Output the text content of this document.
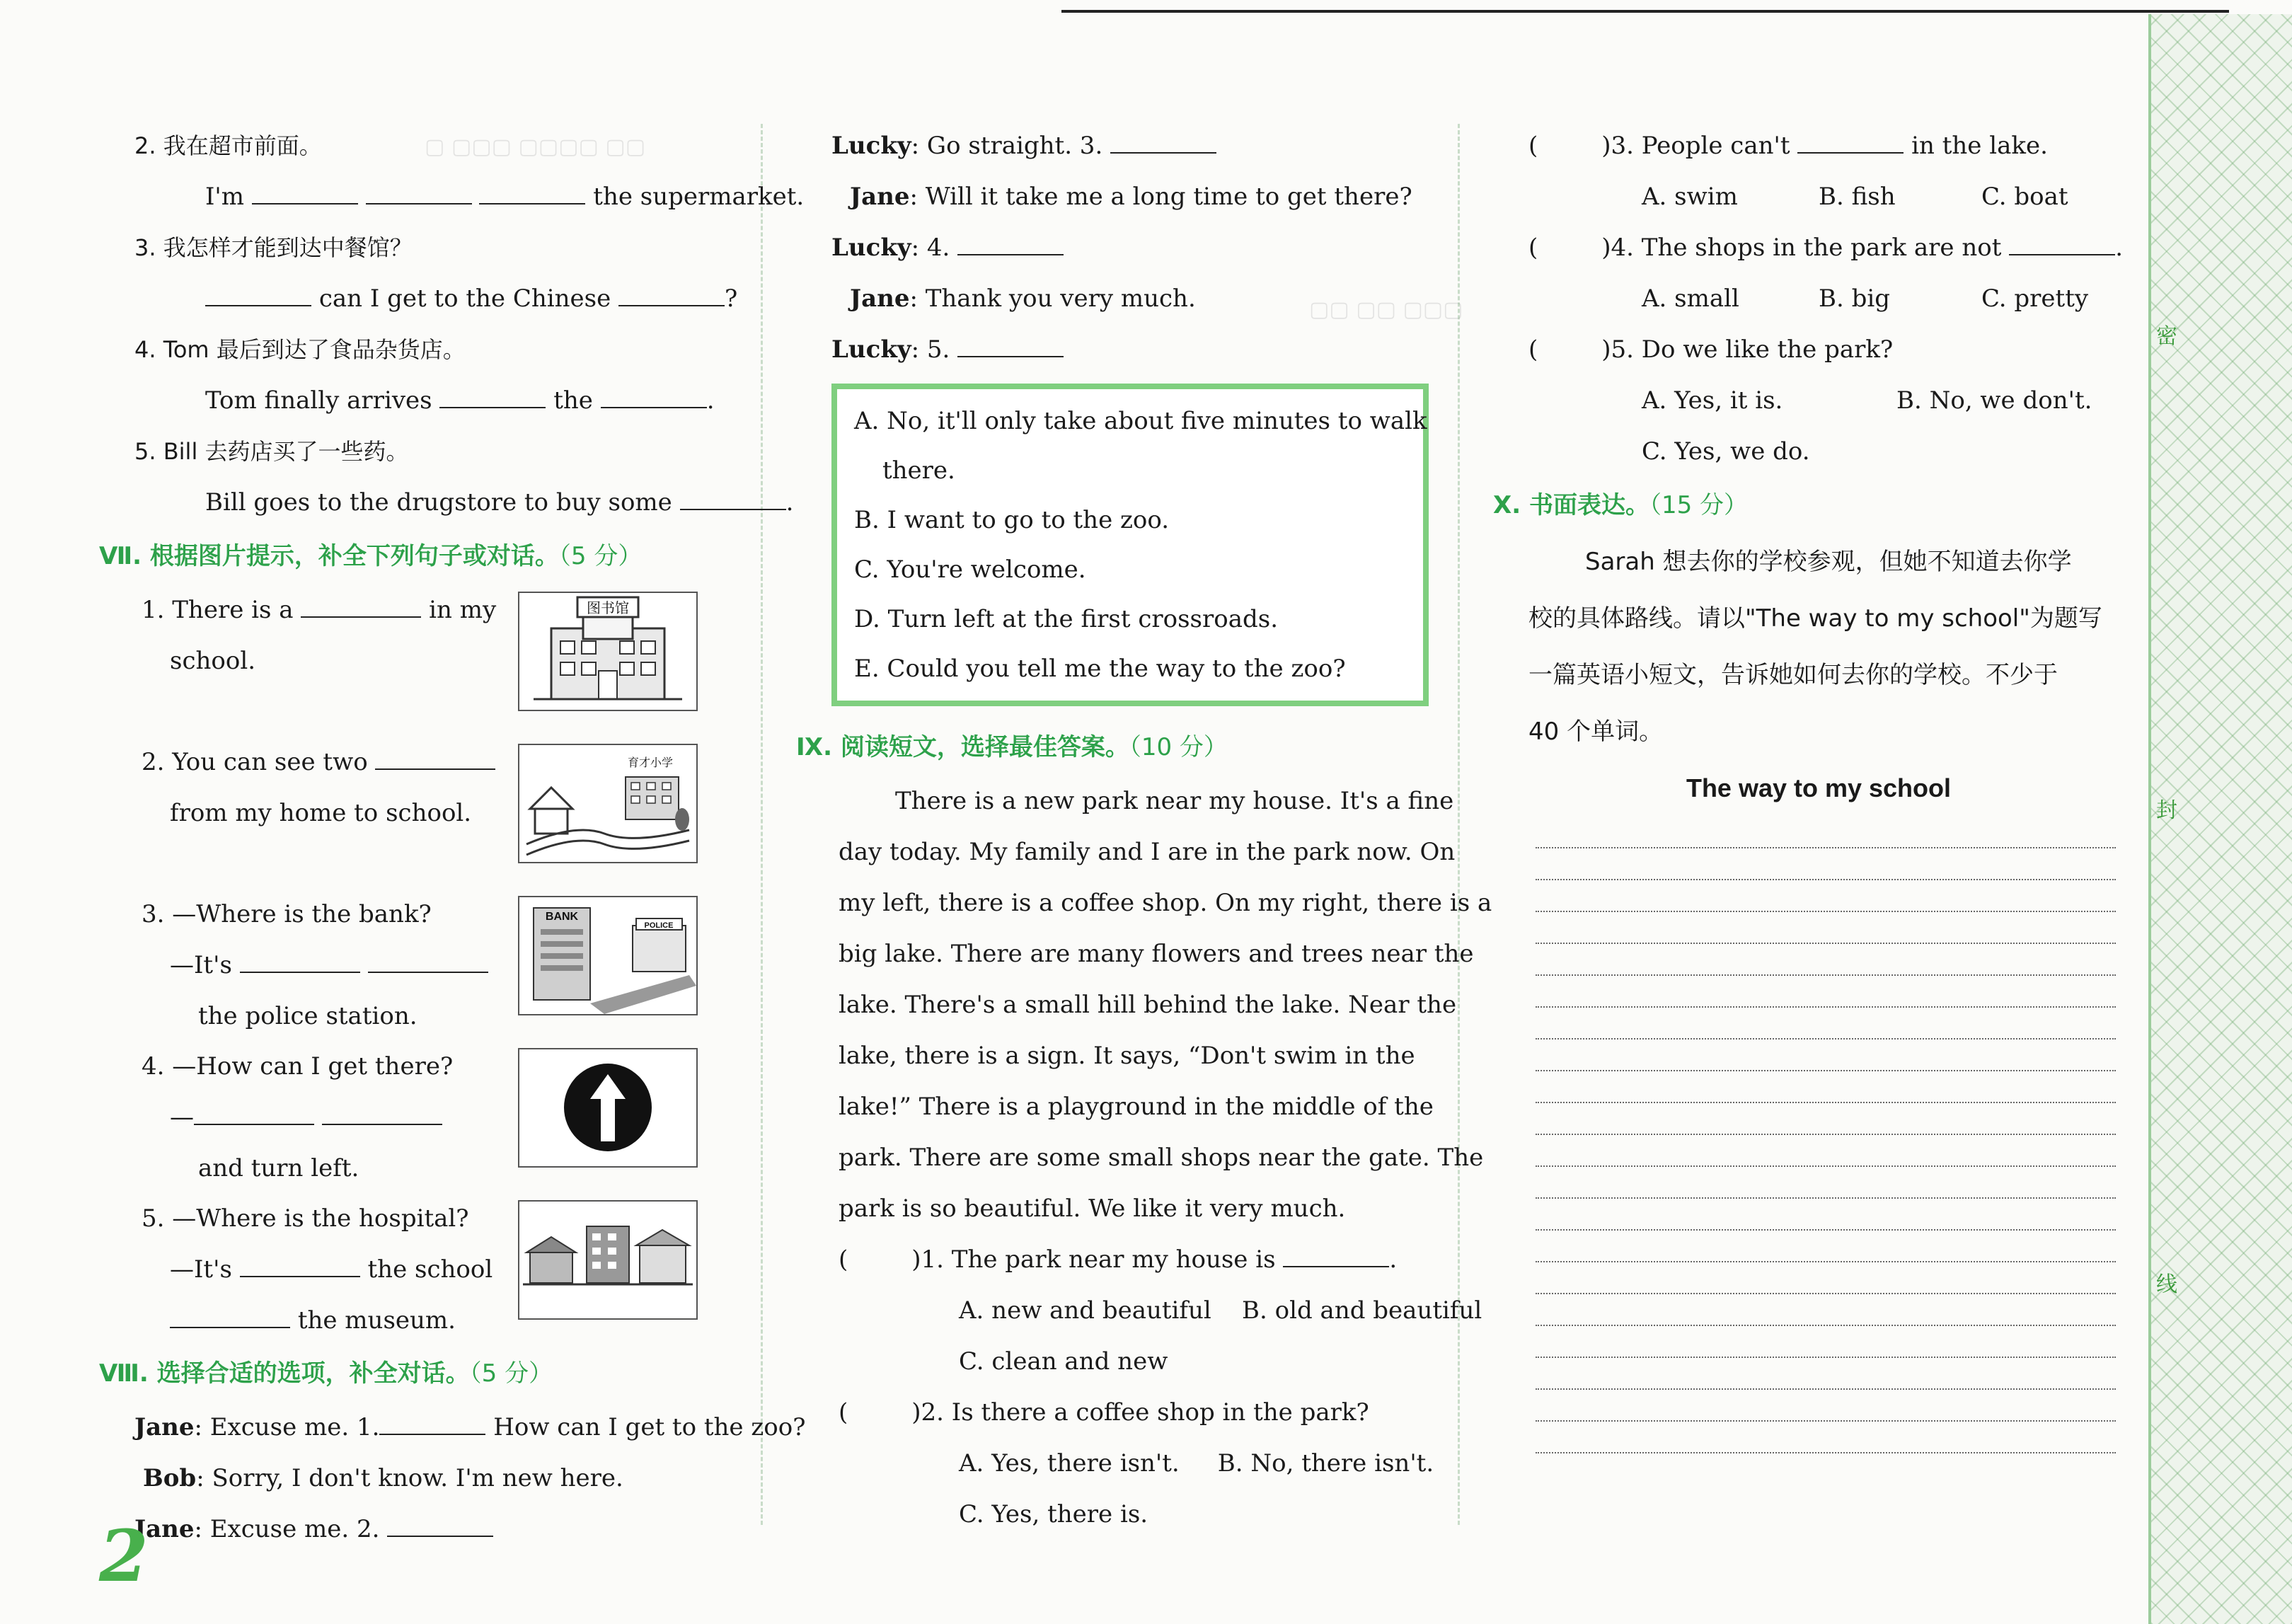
密
封
线
▢ ▢▢▢ ▢▢▢▢ ▢▢
▢▢ ▢▢ ▢▢▢
2. 我在超市前面。
I'm	the supermarket.
3. 我怎样才能到达中餐馆？
can I get to the Chinese	?
4. Tom 最后到达了食品杂货店。
Tom finally arrives	the	.
5. Bill 去药店买了一些药。
Bill goes to the drugstore to buy some	.
Ⅶ. 根据图片提示，补全下列句子或对话。（5 分）
1. There is a	in my
school.
图书馆
2. You can see two
from my home to school.
育才小学
3. —Where is the bank?
—It's
the police station.
BANK
POLICE
4. —How can I get there?
—
and turn left.
5. —Where is the hospital?
—It's	the school
the museum.
Ⅷ. 选择合适的选项，补全对话。（5 分）
Jane: Excuse me. 1.	How can I get to the zoo?
Bob: Sorry, I don't know. I'm new here.
Jane: Excuse me. 2.
Lucky: Go straight. 3.
Jane: Will it take me a long time to get there?
Lucky: 4.
Jane: Thank you very much.
Lucky: 5.
A. No, it'll only take about five minutes to walk
there.
B. I want to go to the zoo.
C. You're welcome.
D. Turn left at the first crossroads.
E. Could you tell me the way to the zoo?
Ⅸ. 阅读短文，选择最佳答案。（10 分）
There is a new park near my house. It's a fine
day today. My family and I are in the park now. On
my left, there is a coffee shop. On my right, there is a
big lake. There are many flowers and trees near the
lake. There's a small hill behind the lake. Near the
lake, there is a sign. It says, “Don't swim in the
lake!” There is a playground in the middle of the
park. There are some small shops near the gate. The
park is so beautiful. We like it very much.
(	)1. The park near my house is	.
A. new and beautiful B. old and beautiful
C. clean and new
(	)2. Is there a coffee shop in the park?
A. Yes, there isn't. B. No, there isn't.
C. Yes, there is.
(	)3. People can't	in the lake.
A. swim	B. fish	C. boat
(	)4. The shops in the park are not	.
A. small	B. big	C. pretty
(	)5. Do we like the park?
A. Yes, it is.	B. No, we don't.
C. Yes, we do.
Ⅹ. 书面表达。（15 分）
Sarah 想去你的学校参观，但她不知道去你学
校的具体路线。请以"The way to my school"为题写
一篇英语小短文，告诉她如何去你的学校。不少于
40 个单词。
The way to my school
2
